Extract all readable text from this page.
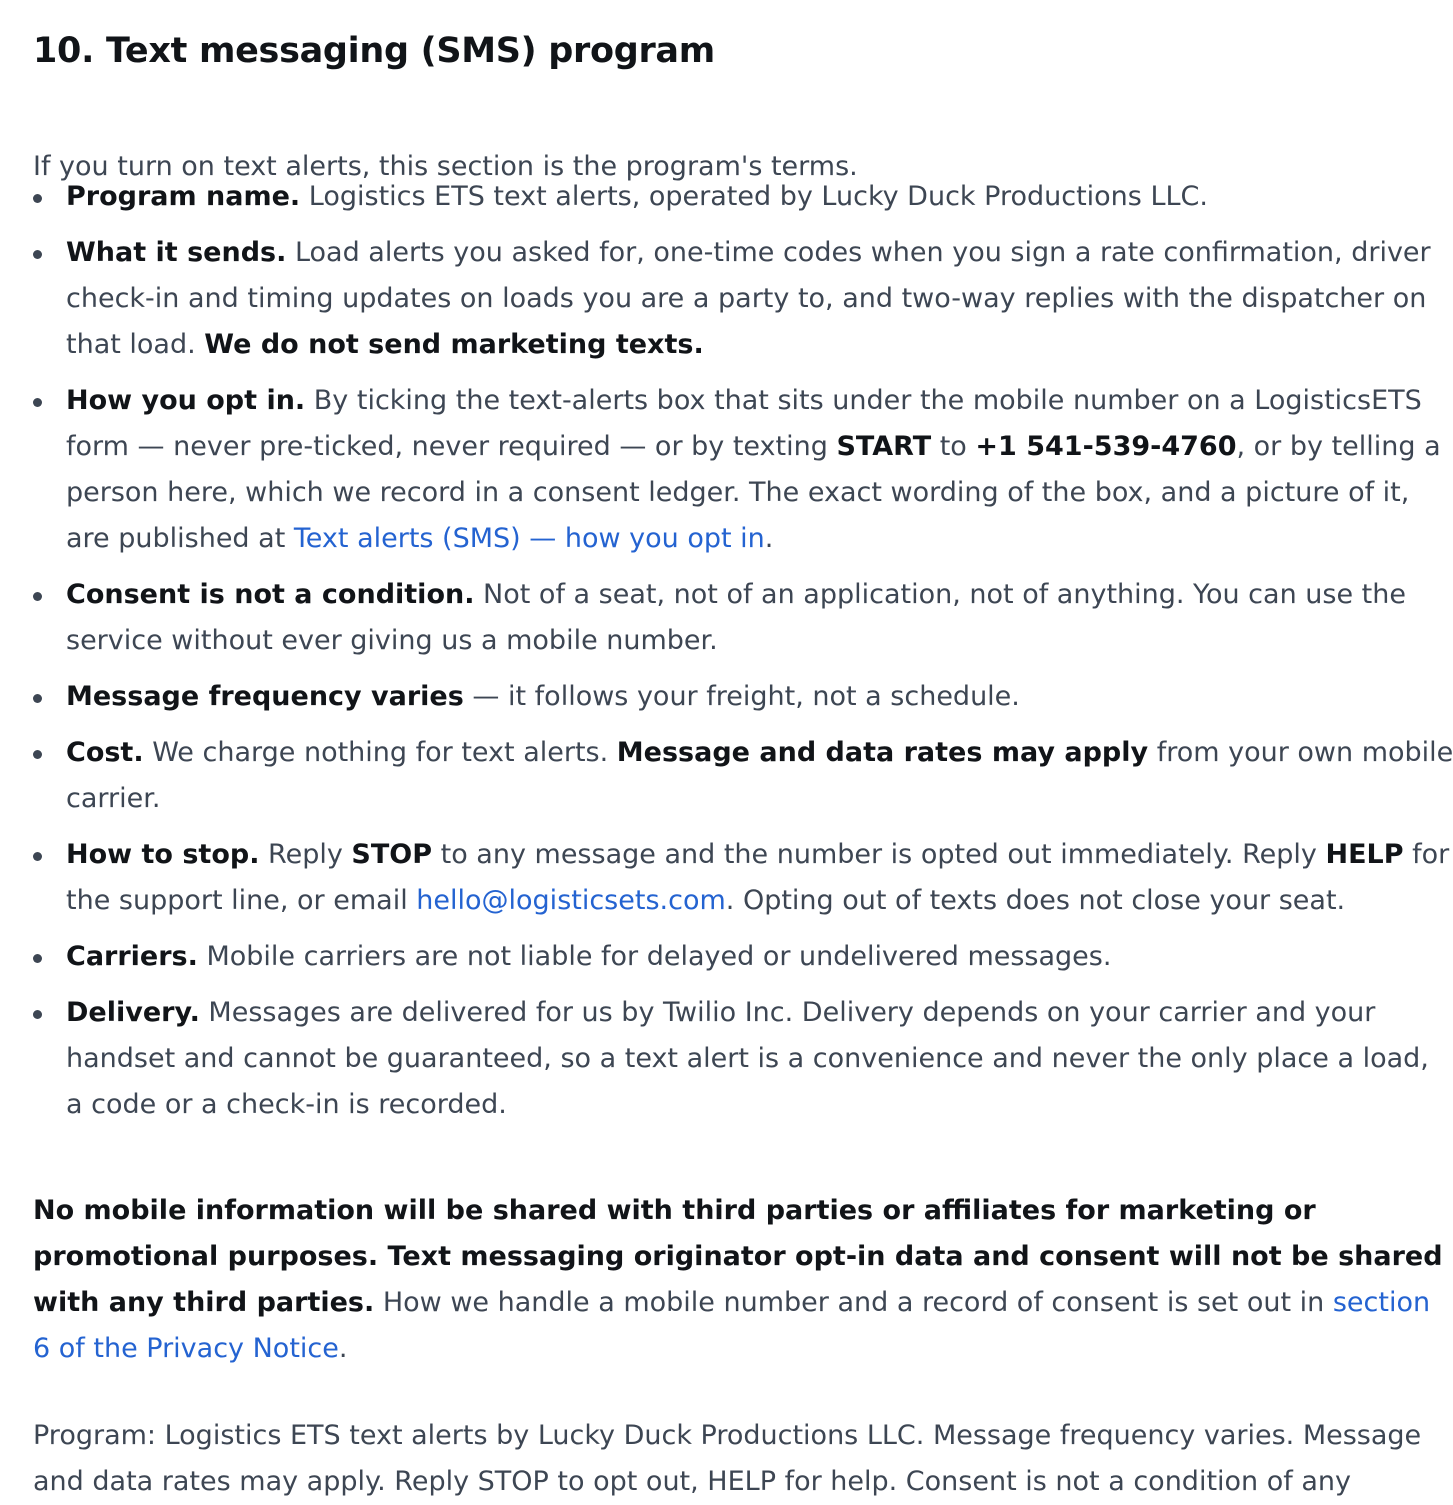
10. Text messaging (SMS) program

If you turn on text alerts, this section is the program's terms.

Program name. Logistics ETS text alerts, operated by Lucky Duck Productions LLC.
What it sends. Load alerts you asked for, one-time codes when you sign a rate confirmation, driver
check-in and timing updates on loads you are a party to, and two-way replies with the dispatcher on
that load. We do not send marketing texts.
How you opt in. By ticking the text-alerts box that sits under the mobile number on a LogisticsETS
form — never pre-ticked, never required — or by texting START to +1 541-539-4760, or by telling a
person here, which we record in a consent ledger. The exact wording of the box, and a picture of it,
are published at Text alerts (SMS) — how you opt in.
Consent is not a condition. Not of a seat, not of an application, not of anything. You can use the
service without ever giving us a mobile number.
Message frequency varies — it follows your freight, not a schedule.
Cost. We charge nothing for text alerts. Message and data rates may apply from your own mobile
carrier.
How to stop. Reply STOP to any message and the number is opted out immediately. Reply HELP for
the support line, or email hello@logisticsets.com. Opting out of texts does not close your seat.
Carriers. Mobile carriers are not liable for delayed or undelivered messages.
Delivery. Messages are delivered for us by Twilio Inc. Delivery depends on your carrier and your
handset and cannot be guaranteed, so a text alert is a convenience and never the only place a load,
a code or a check-in is recorded.

No mobile information will be shared with third parties or affiliates for marketing or
promotional purposes. Text messaging originator opt-in data and consent will not be shared
with any third parties. How we handle a mobile number and a record of consent is set out in section
6 of the Privacy Notice.

Program: Logistics ETS text alerts by Lucky Duck Productions LLC. Message frequency varies. Message
and data rates may apply. Reply STOP to opt out, HELP for help. Consent is not a condition of any
